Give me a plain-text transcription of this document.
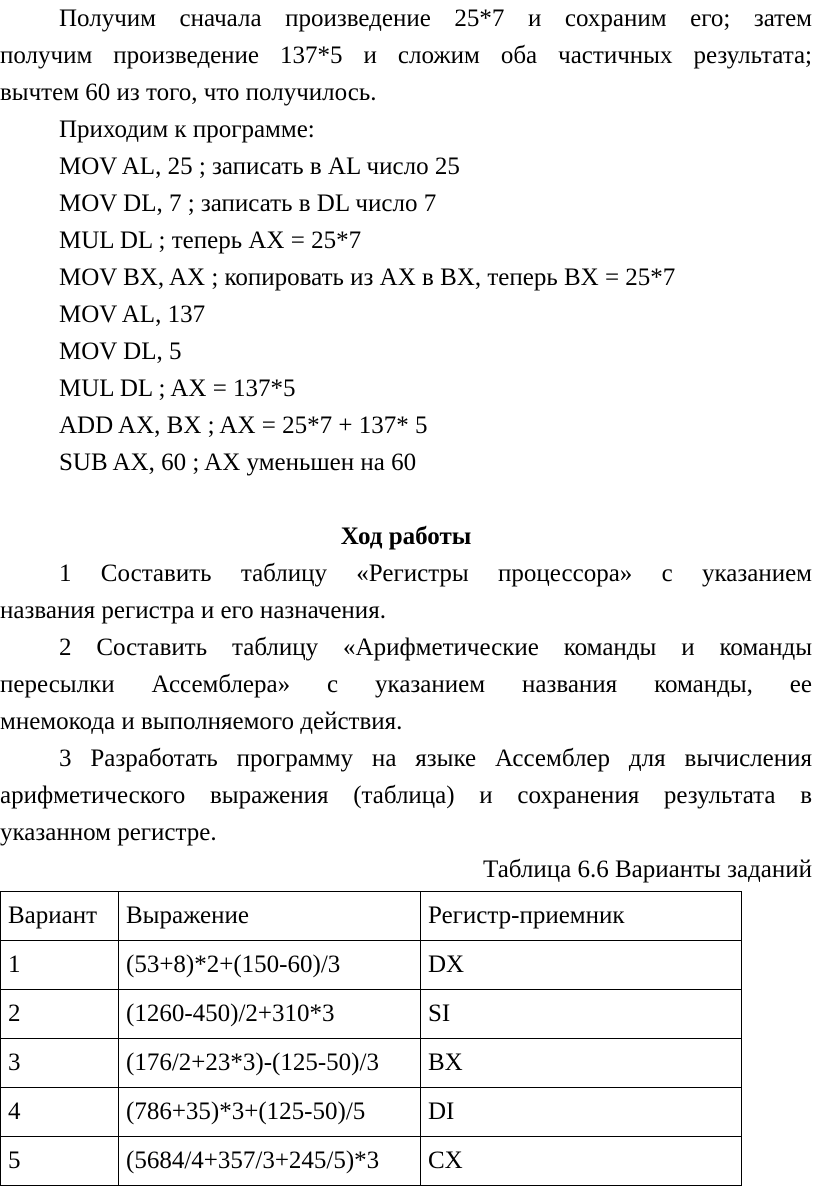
Получим сначала произведение 25*7 и сохраним его; затем
получим произведение 137*5 и сложим оба частичных результата;
вычтем 60 из того, что получилось.
Приходим к программе:
MOV AL, 25 ; записать в AL число 25
MOV DL, 7 ; записать в DL число 7
MUL DL ; теперь AX = 25*7
MOV BX, AX ; копировать из AX в BX, теперь BX = 25*7
MOV AL, 137
MOV DL, 5
MUL DL ; AX = 137*5
ADD AX, BX ; AX = 25*7 + 137* 5
SUB AX, 60 ; AX уменьшен на 60
Ход работы
1 Составить таблицу «Регистры процессора» с указанием
названия регистра и его назначения.
2 Составить таблицу «Арифметические команды и команды
пересылки Ассемблера» с указанием названия команды, ее
мнемокода и выполняемого действия.
3 Разработать программу на языке Ассемблер для вычисления
арифметического выражения (таблица) и сохранения результата в
указанном регистре.
Таблица 6.6 Варианты заданий
Вариант	Выражение	Регистр-приемник
1	(53+8)*2+(150-60)/3	DX
2	(1260-450)/2+310*3	SI
3	(176/2+23*3)-(125-50)/3	BX
4	(786+35)*3+(125-50)/5	DI
5	(5684/4+357/3+245/5)*3	CX
